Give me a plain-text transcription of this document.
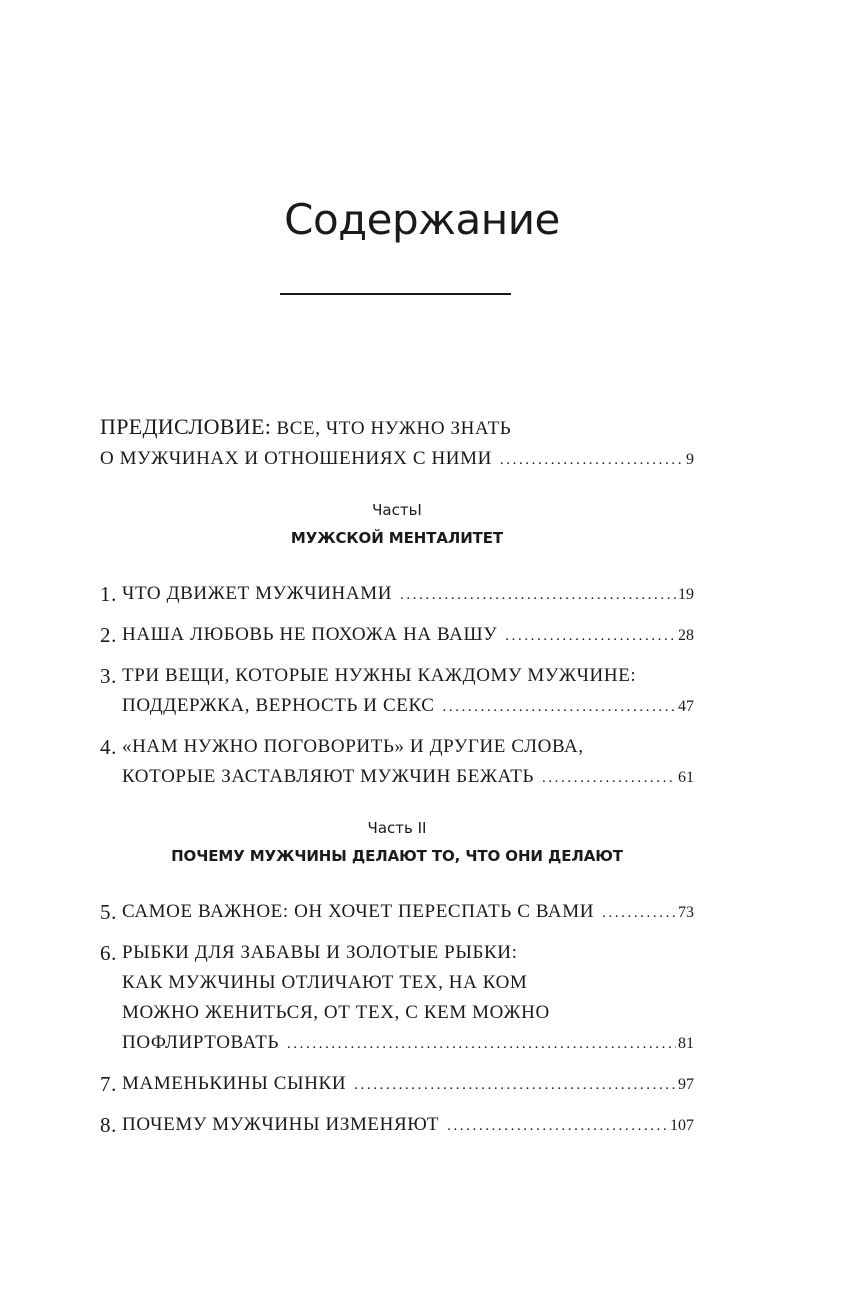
Содержание
ПРЕДИСЛОВИЕ: ВСЕ, ЧТО НУЖНО ЗНАТЬ
О МУЖЧИНАХ И ОТНОШЕНИЯХ С НИМИ .....	9
ЧастьI
МУЖСКОЙ МЕНТАЛИТЕТ
1. ЧТО ДВИЖЕТ МУЖЧИНАМИ .....	19
2. НАША ЛЮБОВЬ НЕ ПОХОЖА НА ВАШУ .....	28
3. ТРИ ВЕЩИ, КОТОРЫЕ НУЖНЫ КАЖДОМУ МУЖЧИНЕ:
ПОДДЕРЖКА, ВЕРНОСТЬ И СЕКС .....	47
4. «НАМ НУЖНО ПОГОВОРИТЬ» И ДРУГИЕ СЛОВА,
КОТОРЫЕ ЗАСТАВЛЯЮТ МУЖЧИН БЕЖАТЬ .....	61
Часть II
ПОЧЕМУ МУЖЧИНЫ ДЕЛАЮТ ТО, ЧТО ОНИ ДЕЛАЮТ
5. САМОЕ ВАЖНОЕ: ОН ХОЧЕТ ПЕРЕСПАТЬ С ВАМИ .....	73
6. РЫБКИ ДЛЯ ЗАБАВЫ И ЗОЛОТЫЕ РЫБКИ:
КАК МУЖЧИНЫ ОТЛИЧАЮТ ТЕХ, НА КОМ
МОЖНО ЖЕНИТЬСЯ, ОТ ТЕХ, С КЕМ МОЖНО
ПОФЛИРТОВАТЬ .....	81
7. МАМЕНЬКИНЫ СЫНКИ .....	97
8. ПОЧЕМУ МУЖЧИНЫ ИЗМЕНЯЮТ .....	107
